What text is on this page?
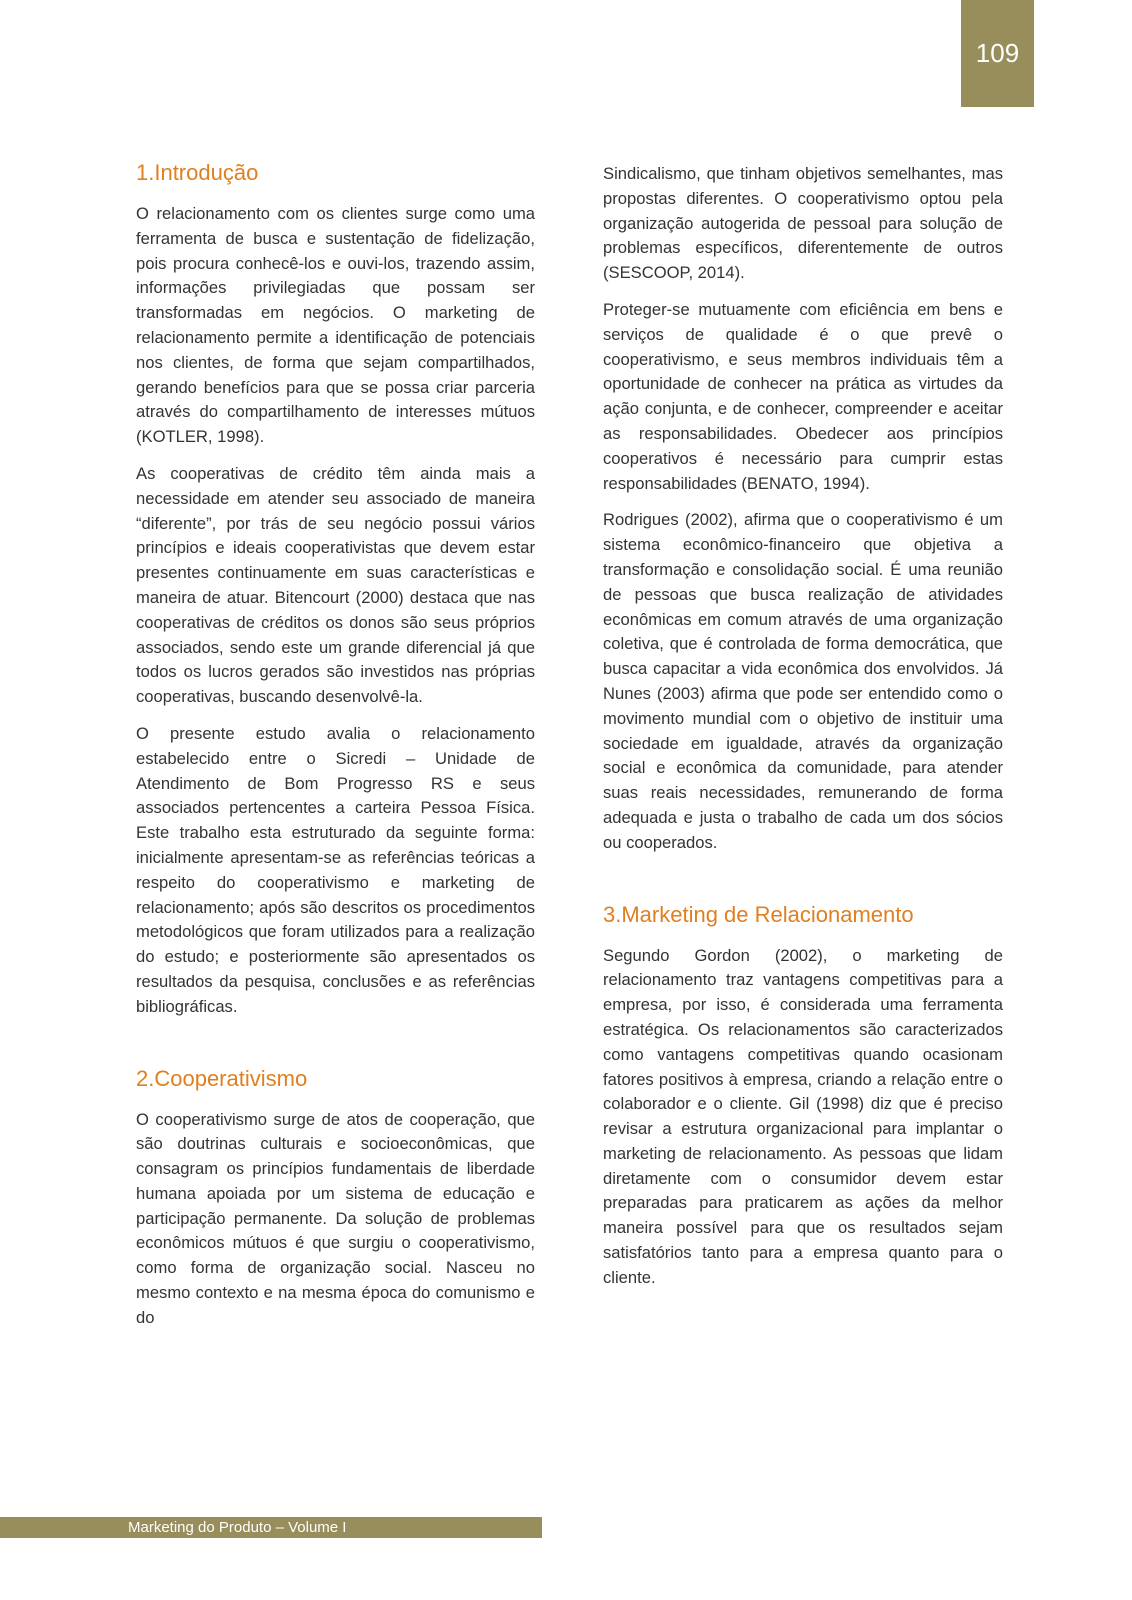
109
1.Introdução

O relacionamento com os clientes surge como uma ferramenta de busca e sustentação de fidelização, pois procura conhecê-los e ouvi-los, trazendo assim, informações privilegiadas que possam ser transformadas em negócios. O marketing de relacionamento permite a identificação de potenciais nos clientes, de forma que sejam compartilhados, gerando benefícios para que se possa criar parceria através do compartilhamento de interesses mútuos (KOTLER, 1998).

As cooperativas de crédito têm ainda mais a necessidade em atender seu associado de maneira “diferente”, por trás de seu negócio possui vários princípios e ideais cooperativistas que devem estar presentes continuamente em suas características e maneira de atuar. Bitencourt (2000) destaca que nas cooperativas de créditos os donos são seus próprios associados, sendo este um grande diferencial já que todos os lucros gerados são investidos nas próprias cooperativas, buscando desenvolvê-la.

O presente estudo avalia o relacionamento estabelecido entre o Sicredi – Unidade de Atendimento de Bom Progresso RS e seus associados pertencentes a carteira Pessoa Física. Este trabalho esta estruturado da seguinte forma: inicialmente apresentam-se as referências teóricas a respeito do cooperativismo e marketing de relacionamento; após são descritos os procedimentos metodológicos que foram utilizados para a realização do estudo; e posteriormente são apresentados os resultados da pesquisa, conclusões e as referências bibliográficas.

2.Cooperativismo

O cooperativismo surge de atos de cooperação, que são doutrinas culturais e socioeconômicas, que consagram os princípios fundamentais de liberdade humana apoiada por um sistema de educação e participação permanente. Da solução de problemas econômicos mútuos é que surgiu o cooperativismo, como forma de organização social. Nasceu no mesmo contexto e na mesma época do comunismo e do

Sindicalismo, que tinham objetivos semelhantes, mas propostas diferentes. O cooperativismo optou pela organização autogerida de pessoal para solução de problemas específicos, diferentemente de outros (SESCOOP, 2014).

Proteger-se mutuamente com eficiência em bens e serviços de qualidade é o que prevê o cooperativismo, e seus membros individuais têm a oportunidade de conhecer na prática as virtudes da ação conjunta, e de conhecer, compreender e aceitar as responsabilidades. Obedecer aos princípios cooperativos é necessário para cumprir estas responsabilidades (BENATO, 1994).

Rodrigues (2002), afirma que o cooperativismo é um sistema econômico-financeiro que objetiva a transformação e consolidação social. É uma reunião de pessoas que busca realização de atividades econômicas em comum através de uma organização coletiva, que é controlada de forma democrática, que busca capacitar a vida econômica dos envolvidos. Já Nunes (2003) afirma que pode ser entendido como o movimento mundial com o objetivo de instituir uma sociedade em igualdade, através da organização social e econômica da comunidade, para atender suas reais necessidades, remunerando de forma adequada e justa o trabalho de cada um dos sócios ou cooperados.

3.Marketing de Relacionamento

Segundo Gordon (2002), o marketing de relacionamento traz vantagens competitivas para a empresa, por isso, é considerada uma ferramenta estratégica. Os relacionamentos são caracterizados como vantagens competitivas quando ocasionam fatores positivos à empresa, criando a relação entre o colaborador e o cliente. Gil (1998) diz que é preciso revisar a estrutura organizacional para implantar o marketing de relacionamento. As pessoas que lidam diretamente com o consumidor devem estar preparadas para praticarem as ações da melhor maneira possível para que os resultados sejam satisfatórios tanto para a empresa quanto para o cliente.

Marketing do Produto – Volume I
